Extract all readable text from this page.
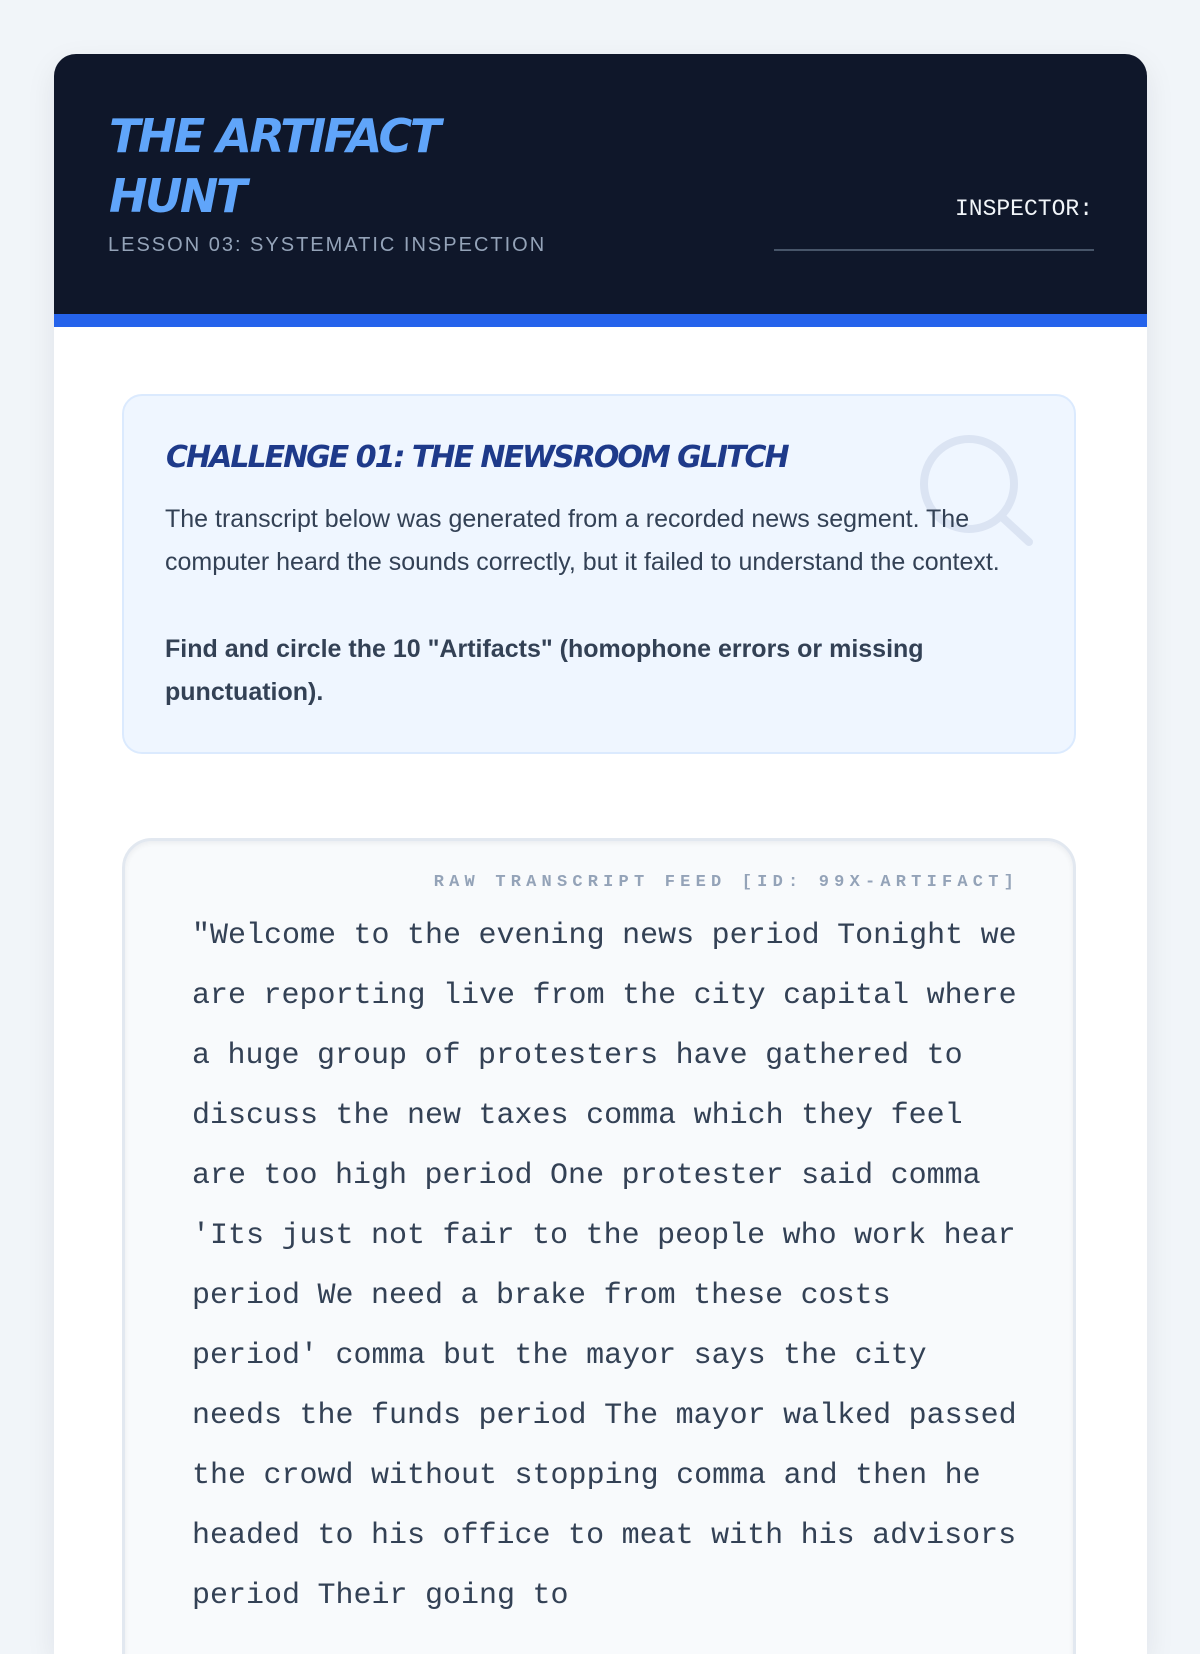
THE ARTIFACT HUNT

LESSON 03: SYSTEMATIC INSPECTION

INSPECTOR:
CHALLENGE 01: THE NEWSROOM GLITCH

The transcript below was generated from a recorded news segment. The computer heard the sounds correctly, but it failed to understand the context.

Find and circle the 10 "Artifacts" (homophone errors or missing punctuation).

RAW TRANSCRIPT FEED [ID: 99X-ARTIFACT]

"Welcome to the evening news period Tonight we are reporting live from the city capital where a huge group of protesters have gathered to discuss the new taxes comma which they feel are too high period One protester said comma 'Its just not fair to the people who work hear period We need a brake from these costs period' comma but the mayor says the city needs the funds period The mayor walked passed the crowd without stopping comma and then he headed to his office to meat with his advisors period Their going to
